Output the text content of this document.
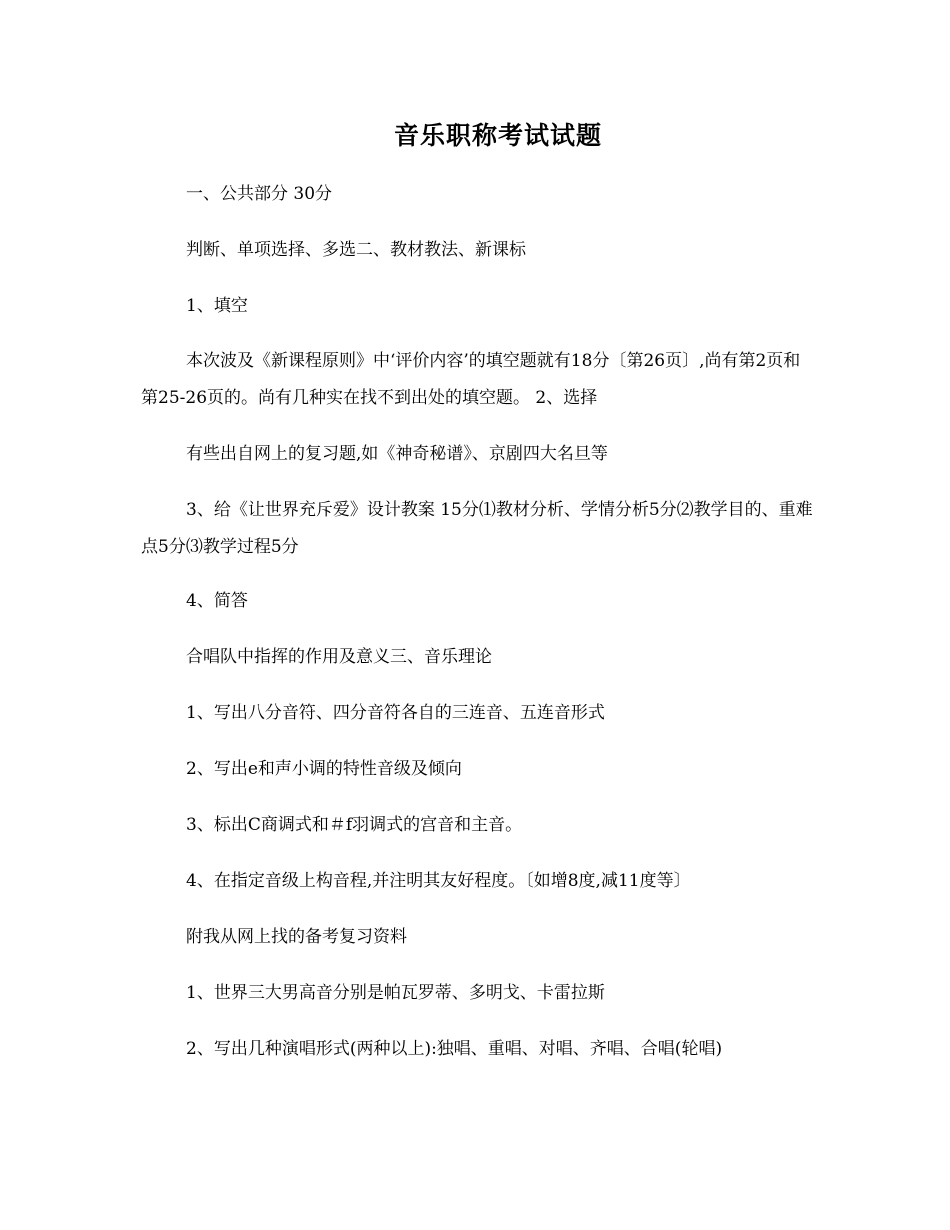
音乐职称考试试题

一、公共部分 30分

判断、单项选择、多选二、教材教法、新课标

1、填空

本次波及《新课程原则》中‘评价内容’的填空题就有18分〔第26页〕,尚有第2页和第25-26页的。尚有几种实在找不到出处的填空题。 2、选择

有些出自网上的复习题,如《神奇秘谱》、京剧四大名旦等

3、给《让世界充斥爱》设计教案 15分⑴教材分析、学情分析5分⑵教学目的、重难点5分⑶教学过程5分

4、简答

合唱队中指挥的作用及意义三、音乐理论

1、写出八分音符、四分音符各自的三连音、五连音形式

2、写出e和声小调的特性音级及倾向

3、标出C商调式和＃f羽调式的宫音和主音。

4、在指定音级上构音程,并注明其友好程度。〔如增8度,减11度等〕

附我从网上找的备考复习资料

1、世界三大男高音分别是帕瓦罗蒂、多明戈、卡雷拉斯

2、写出几种演唱形式(两种以上):独唱、重唱、对唱、齐唱、合唱(轮唱)
